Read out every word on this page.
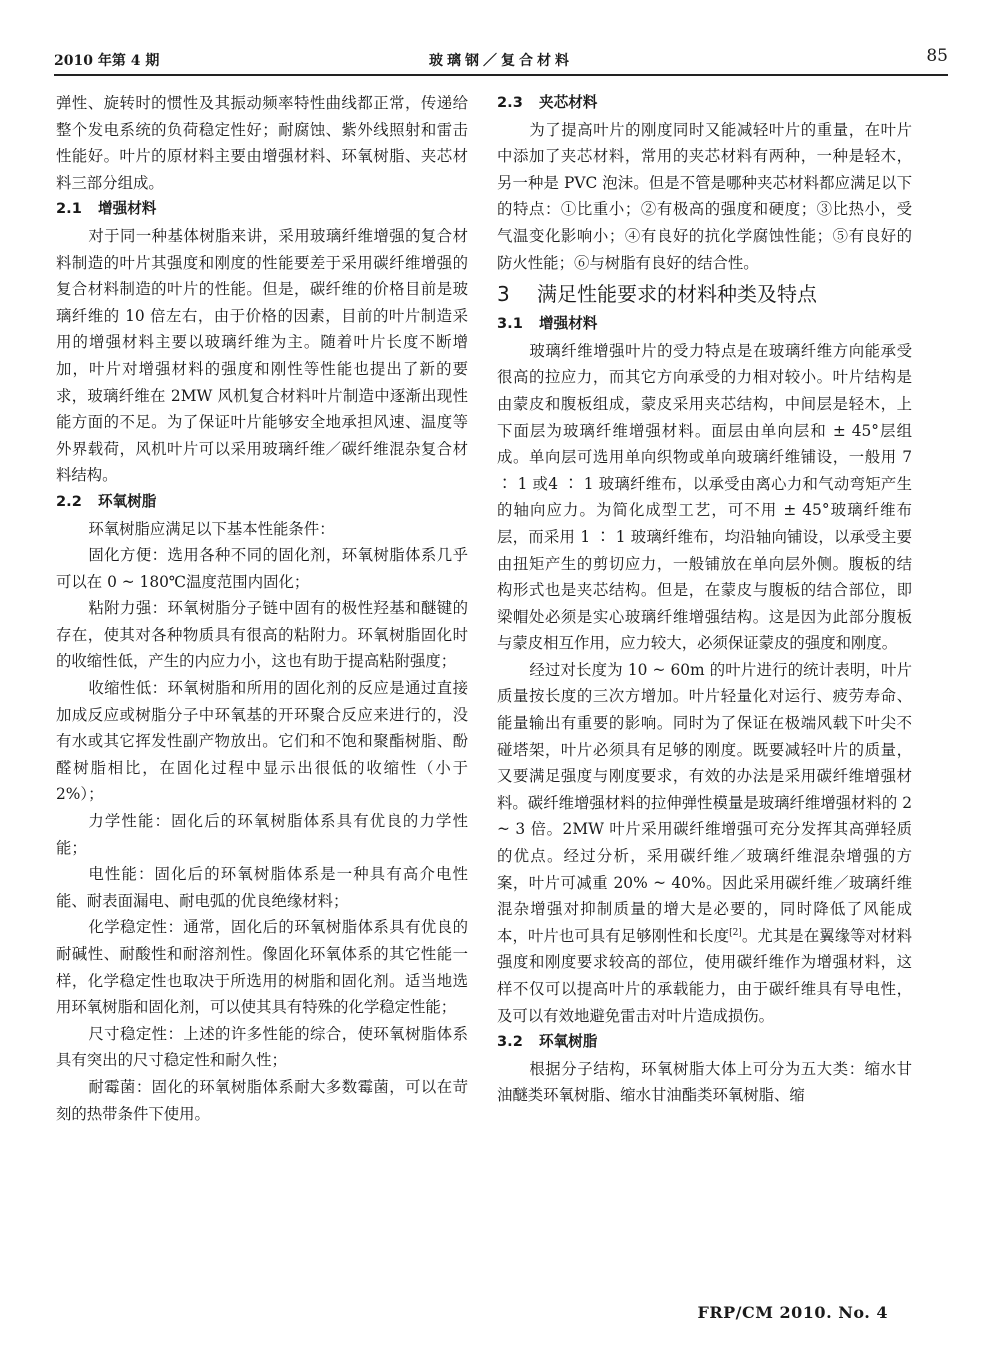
2010 年第 4 期	玻璃钢／复合材料	85

弹性、旋转时的惯性及其振动频率特性曲线都正常，传递给整个发电系统的负荷稳定性好；耐腐蚀、紫外线照射和雷击性能好。叶片的原材料主要由增强材料、环氧树脂、夹芯材料三部分组成。

2.1 增强材料

对于同一种基体树脂来讲，采用玻璃纤维增强的复合材料制造的叶片其强度和刚度的性能要差于采用碳纤维增强的复合材料制造的叶片的性能。但是，碳纤维的价格目前是玻璃纤维的 10 倍左右，由于价格的因素，目前的叶片制造采用的增强材料主要以玻璃纤维为主。随着叶片长度不断增加，叶片对增强材料的强度和刚性等性能也提出了新的要求，玻璃纤维在 2MW 风机复合材料叶片制造中逐渐出现性能方面的不足。为了保证叶片能够安全地承担风速、温度等外界载荷，风机叶片可以采用玻璃纤维／碳纤维混杂复合材料结构。

2.2 环氧树脂

环氧树脂应满足以下基本性能条件：

固化方便：选用各种不同的固化剂，环氧树脂体系几乎可以在 0 ~ 180℃温度范围内固化；

粘附力强：环氧树脂分子链中固有的极性羟基和醚键的存在，使其对各种物质具有很高的粘附力。环氧树脂固化时的收缩性低，产生的内应力小，这也有助于提高粘附强度；

收缩性低：环氧树脂和所用的固化剂的反应是通过直接加成反应或树脂分子中环氧基的开环聚合反应来进行的，没有水或其它挥发性副产物放出。它们和不饱和聚酯树脂、酚醛树脂相比，在固化过程中显示出很低的收缩性（小于 2%）；

力学性能：固化后的环氧树脂体系具有优良的力学性能；

电性能：固化后的环氧树脂体系是一种具有高介电性能、耐表面漏电、耐电弧的优良绝缘材料；

化学稳定性：通常，固化后的环氧树脂体系具有优良的耐碱性、耐酸性和耐溶剂性。像固化环氧体系的其它性能一样，化学稳定性也取决于所选用的树脂和固化剂。适当地选用环氧树脂和固化剂，可以使其具有特殊的化学稳定性能；

尺寸稳定性：上述的许多性能的综合，使环氧树脂体系具有突出的尺寸稳定性和耐久性；

耐霉菌：固化的环氧树脂体系耐大多数霉菌，可以在苛刻的热带条件下使用。

2.3 夹芯材料

为了提高叶片的刚度同时又能减轻叶片的重量，在叶片中添加了夹芯材料，常用的夹芯材料有两种，一种是轻木，另一种是 PVC 泡沫。但是不管是哪种夹芯材料都应满足以下的特点：①比重小；②有极高的强度和硬度；③比热小，受气温变化影响小；④有良好的抗化学腐蚀性能；⑤有良好的防火性能；⑥与树脂有良好的结合性。

3 满足性能要求的材料种类及特点
3.1 增强材料

玻璃纤维增强叶片的受力特点是在玻璃纤维方向能承受很高的拉应力，而其它方向承受的力相对较小。叶片结构是由蒙皮和腹板组成，蒙皮采用夹芯结构，中间层是轻木，上下面层为玻璃纤维增强材料。面层由单向层和 ± 45°层组成。单向层可选用单向织物或单向玻璃纤维铺设，一般用 7 ∶ 1 或4 ∶ 1 玻璃纤维布，以承受由离心力和气动弯矩产生的轴向应力。为简化成型工艺，可不用 ± 45°玻璃纤维布层，而采用 1 ∶ 1 玻璃纤维布，均沿轴向铺设，以承受主要由扭矩产生的剪切应力，一般铺放在单向层外侧。腹板的结构形式也是夹芯结构。但是，在蒙皮与腹板的结合部位，即梁帽处必须是实心玻璃纤维增强结构。这是因为此部分腹板与蒙皮相互作用，应力较大，必须保证蒙皮的强度和刚度。

经过对长度为 10 ~ 60m 的叶片进行的统计表明，叶片质量按长度的三次方增加。叶片轻量化对运行、疲劳寿命、能量输出有重要的影响。同时为了保证在极端风载下叶尖不碰塔架，叶片必须具有足够的刚度。既要减轻叶片的质量，又要满足强度与刚度要求，有效的办法是采用碳纤维增强材料。碳纤维增强材料的拉伸弹性模量是玻璃纤维增强材料的 2 ~ 3 倍。2MW 叶片采用碳纤维增强可充分发挥其高弹轻质的优点。经过分析，采用碳纤维／玻璃纤维混杂增强的方案，叶片可减重 20% ~ 40%。因此采用碳纤维／玻璃纤维混杂增强对抑制质量的增大是必要的，同时降低了风能成本，叶片也可具有足够刚性和长度[2]。尤其是在翼缘等对材料强度和刚度要求较高的部位，使用碳纤维作为增强材料，这样不仅可以提高叶片的承载能力，由于碳纤维具有导电性，及可以有效地避免雷击对叶片造成损伤。

3.2 环氧树脂

根据分子结构，环氧树脂大体上可分为五大类：缩水甘油醚类环氧树脂、缩水甘油酯类环氧树脂、缩

FRP/CM 2010. No. 4
